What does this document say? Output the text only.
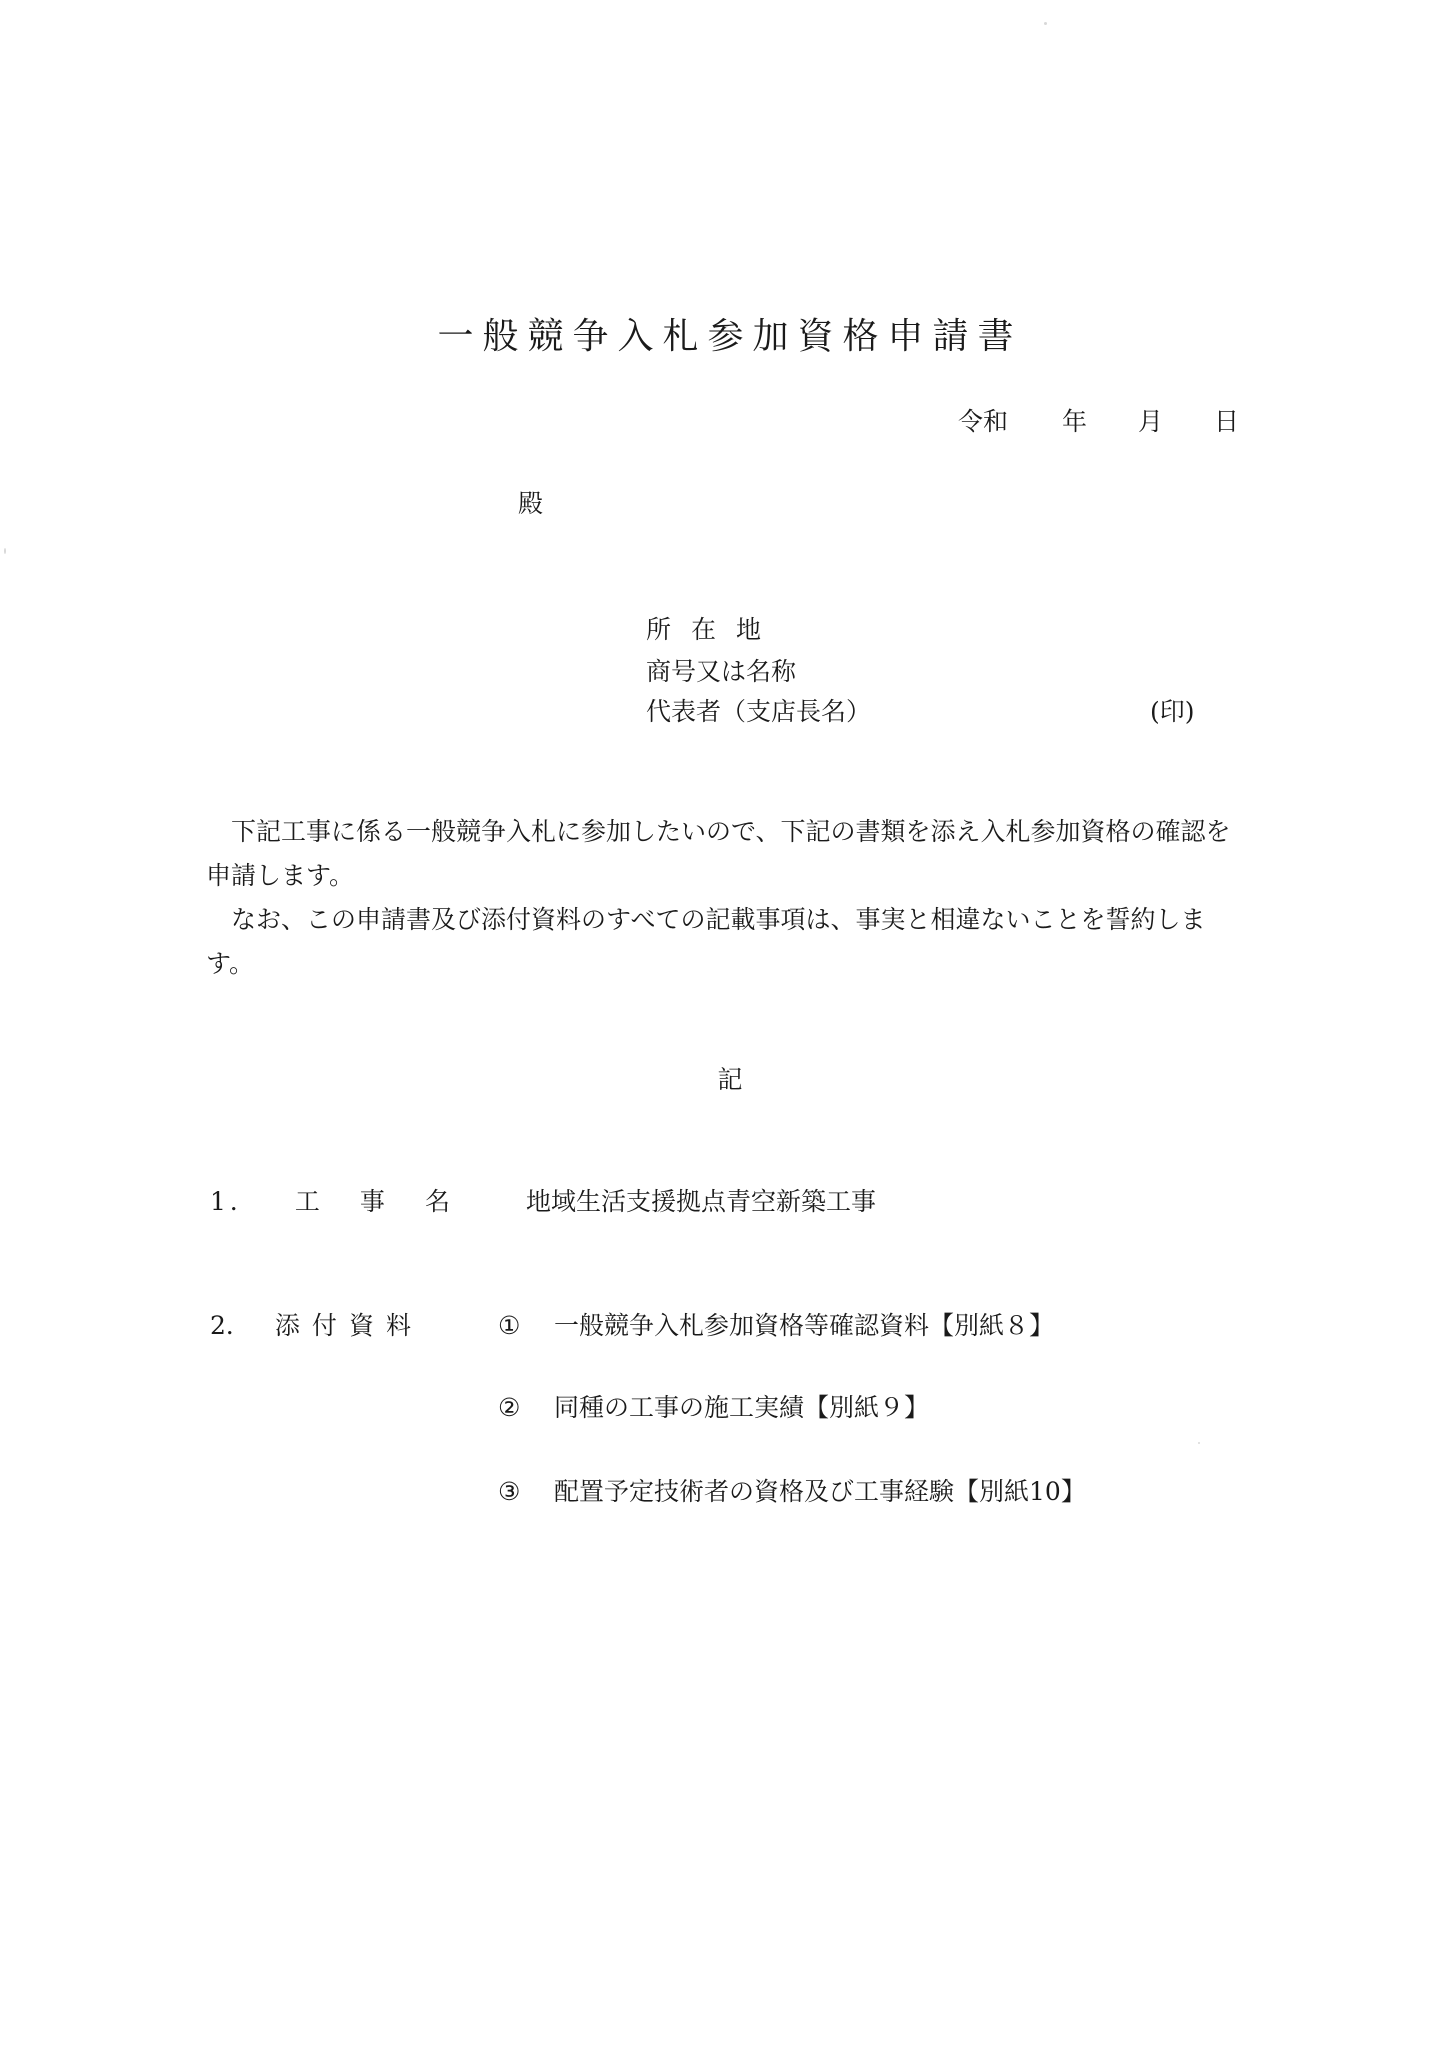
一般競争入札参加資格申請書
令和 年 月 日
殿
所在地
商号又は名称
代表者（支店長名）	(印)

下記工事に係る一般競争入札に参加したいので、下記の書類を添え入札参加資格の確認を申請します。

なお、この申請書及び添付資料のすべての記載事項は、事実と相違ないことを誓約します。

記
1． 工 事 名	地域生活支援拠点青空新築工事
2． 添 付 資 料	① 一般競争入札参加資格等確認資料【別紙８】
② 同種の工事の施工実績【別紙９】
③ 配置予定技術者の資格及び工事経験【別紙10】
